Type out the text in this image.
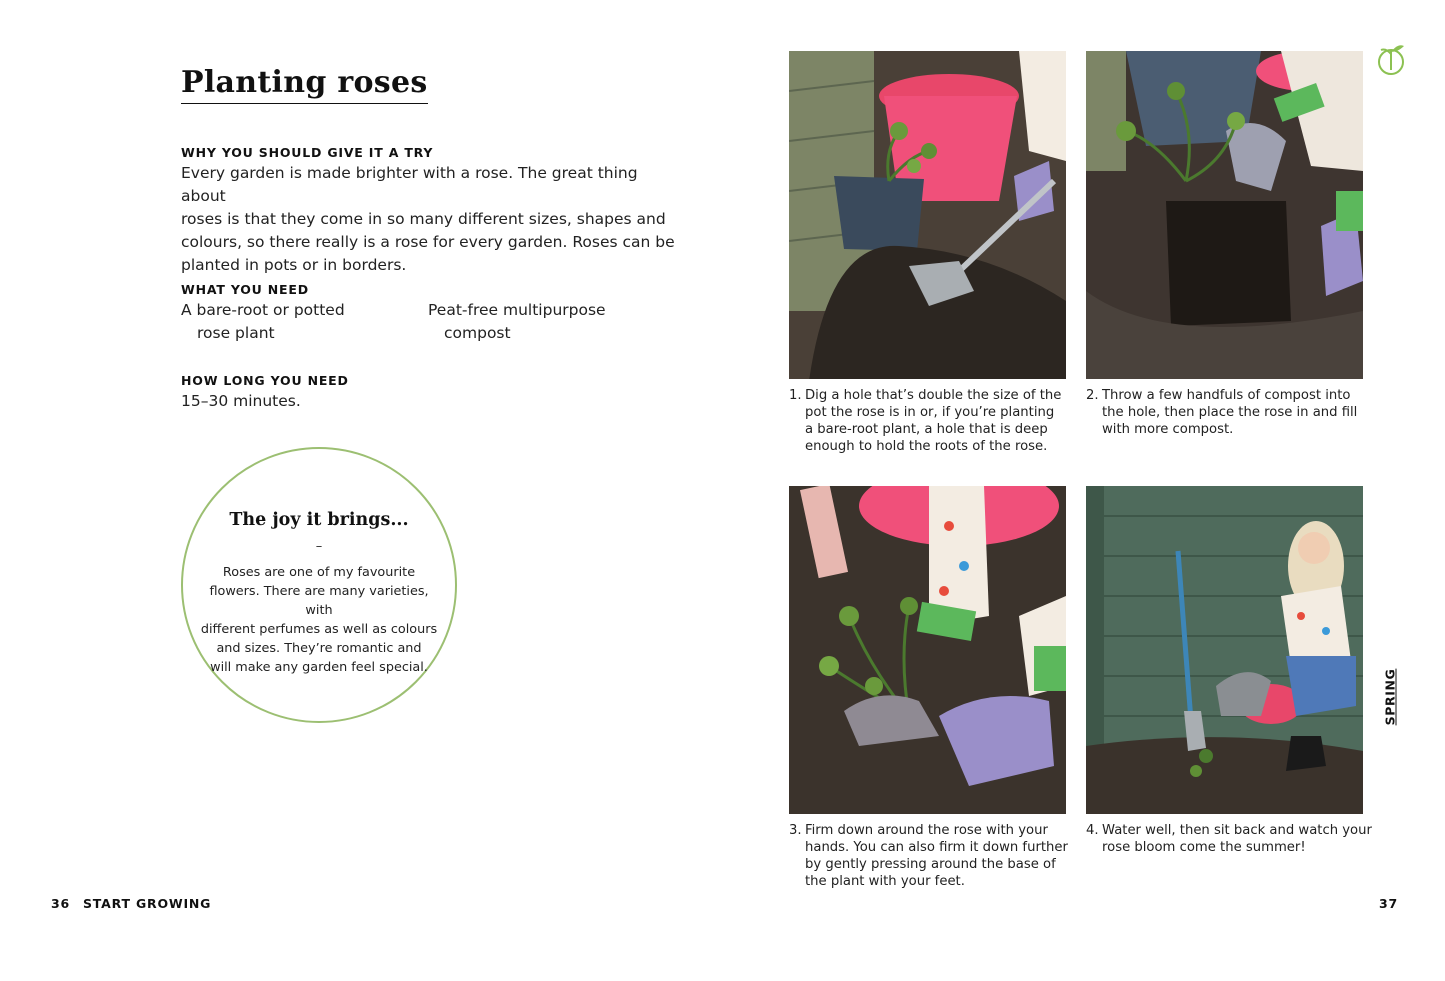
Planting roses
WHY YOU SHOULD GIVE IT A TRY
Every garden is made brighter with a rose. The great thing about
roses is that they come in so many different sizes, shapes and
colours, so there really is a rose for every garden. Roses can be
planted in pots or in borders.
WHAT YOU NEED
A bare-root or potted
rose plant
Peat-free multipurpose
compost
HOW LONG YOU NEED
15–30 minutes.
The joy it brings...
–
Roses are one of my favourite
flowers. There are many varieties, with
different perfumes as well as colours
and sizes. They’re romantic and
will make any garden feel special.
36 START GROWING
1. Dig a hole that’s double the size of the
pot the rose is in or, if you’re planting
a bare-root plant, a hole that is deep
enough to hold the roots of the rose.
2. Throw a few handfuls of compost into
the hole, then place the rose in and fill
with more compost.
3. Firm down around the rose with your
hands. You can also firm it down further
by gently pressing around the base of
the plant with your feet.
4. Water well, then sit back and watch your
rose bloom come the summer!
SPRING
37
